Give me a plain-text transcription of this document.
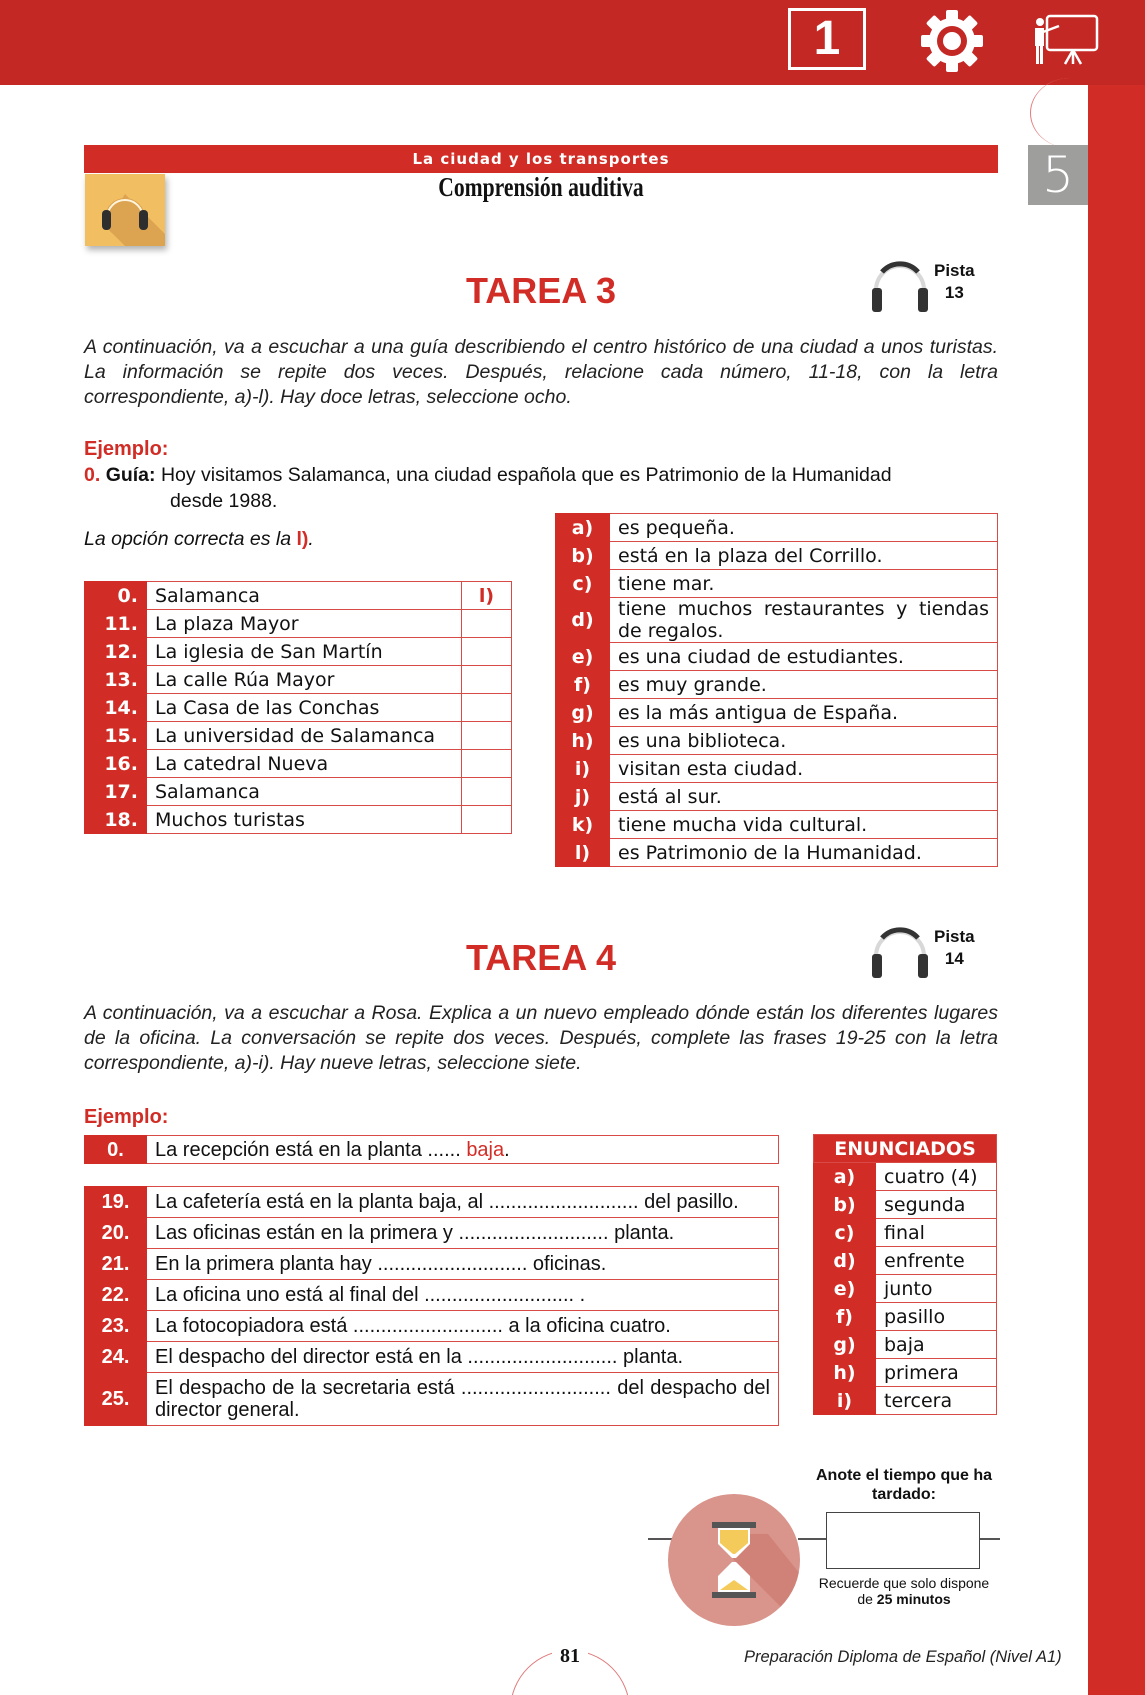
1
5
La ciudad y los transportes
Comprensión auditiva
TAREA 3	Pista
13
A continuación, va a escuchar a una guía describiendo el centro histórico de una ciudad a unos turistas. La información se repite dos veces. Después, relacione cada número, 11-18, con la letra correspondiente, a)-l). Hay doce letras, seleccione ocho.
Ejemplo:
0. Guía: Hoy visitamos Salamanca, una ciudad española que es Patrimonio de la Humanidad
desde 1988.
La opción correcta es la l).
0.	Salamanca	l)
11.	La plaza Mayor	
12.	La iglesia de San Martín	
13.	La calle Rúa Mayor	
14.	La Casa de las Conchas	
15.	La universidad de Salamanca	
16.	La catedral Nueva	
17.	Salamanca	
18.	Muchos turistas	
a)	es pequeña.
b)	está en la plaza del Corrillo.
c)	tiene mar.
d)	tiene muchos restaurantes y tiendas de regalos.
e)	es una ciudad de estudiantes.
f)	es muy grande.
g)	es la más antigua de España.
h)	es una biblioteca.
i)	visitan esta ciudad.
j)	está al sur.
k)	tiene mucha vida cultural.
l)	es Patrimonio de la Humanidad.
TAREA 4
Pista
14
A continuación, va a escuchar a Rosa. Explica a un nuevo empleado dónde están los diferentes lugares de la oficina. La conversación se repite dos veces. Después, complete las frases 19-25 con la letra correspondiente, a)-i). Hay nueve letras, seleccione siete.
Ejemplo:
0.	La recepción está en la planta ...... baja.
19.	La cafetería está en la planta baja, al ........................... del pasillo.
20.	Las oficinas están en la primera y ........................... planta.
21.	En la primera planta hay ........................... oficinas.
22.	La oficina uno está al final del ........................... .
23.	La fotocopiadora está ........................... a la oficina cuatro.
24.	El despacho del director está en la ........................... planta.
25.	El despacho de la secretaria está ........................... del despacho del director general.
ENUNCIADOS	
a)	cuatro (4)
b)	segunda
c)	final
d)	enfrente
e)	junto
f)	pasillo
g)	baja
h)	primera
i)	tercera
Anote el tiempo que ha tardado:
Recuerde que solo dispone de 25 minutos
81	Preparación Diploma de Español (Nivel A1)
